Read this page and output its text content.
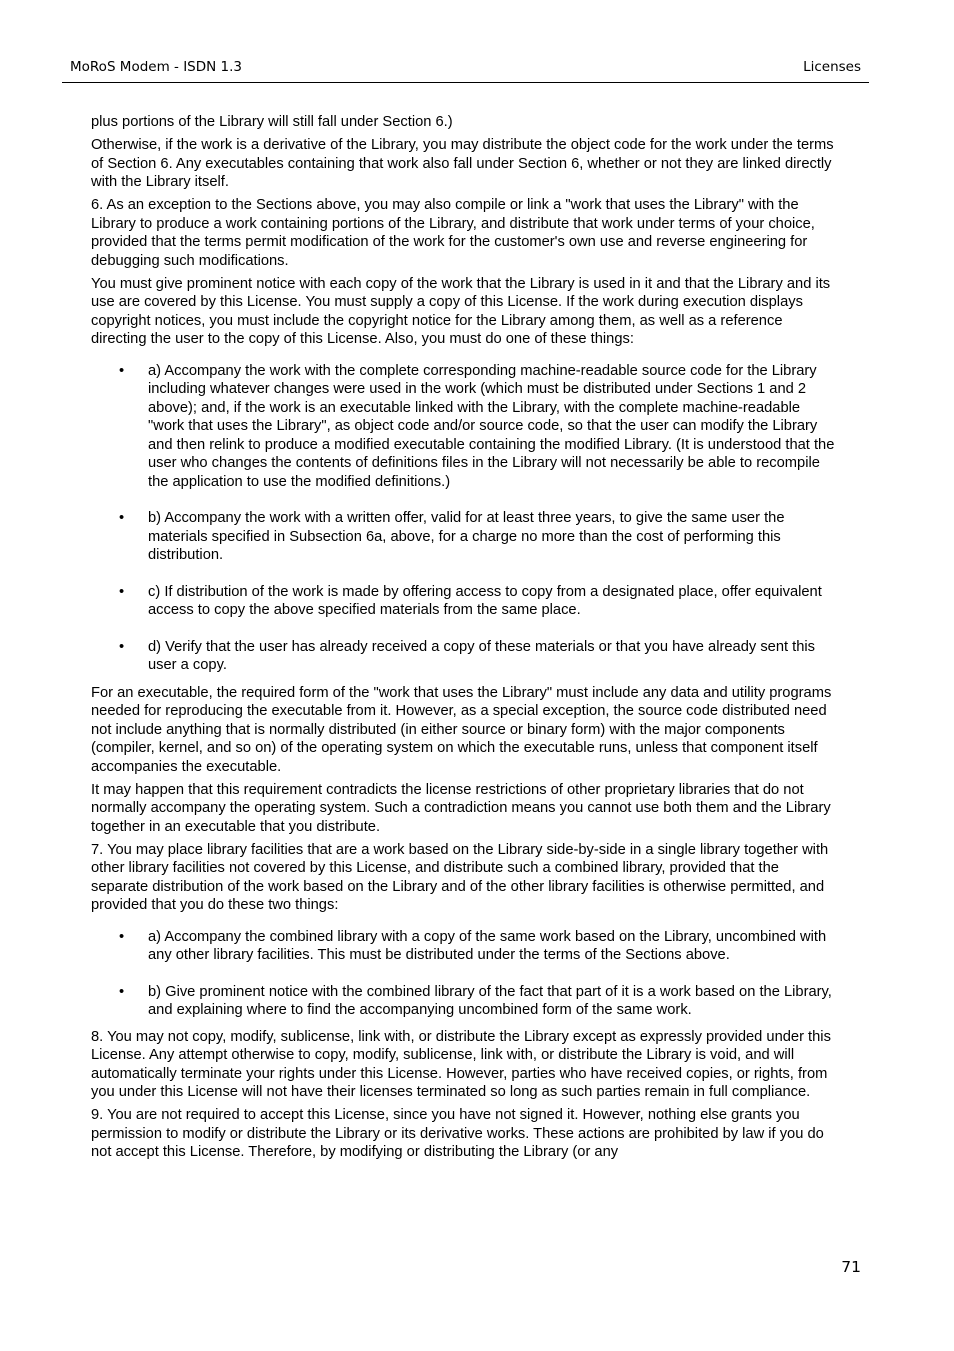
MoRoS Modem - ISDN 1.3	Licenses

plus portions of the Library will still fall under Section 6.)

Otherwise, if the work is a derivative of the Library, you may distribute the object code for the work under the terms of Section 6. Any executables containing that work also fall under Section 6, whether or not they are linked directly with the Library itself.

6. As an exception to the Sections above, you may also compile or link a "work that uses the Library" with the Library to produce a work containing portions of the Library, and distribute that work under terms of your choice, provided that the terms permit modification of the work for the customer's own use and reverse engineering for debugging such modifications.

You must give prominent notice with each copy of the work that the Library is used in it and that the Library and its use are covered by this License. You must supply a copy of this License. If the work during execution displays copyright notices, you must include the copyright notice for the Library among them, as well as a reference directing the user to the copy of this License. Also, you must do one of these things:

• a) Accompany the work with the complete corresponding machine-readable source code for the Library including whatever changes were used in the work (which must be distributed under Sections 1 and 2 above); and, if the work is an executable linked with the Library, with the complete machine-readable "work that uses the Library", as object code and/or source code, so that the user can modify the Library and then relink to produce a modified executable containing the modified Library. (It is understood that the user who changes the contents of definitions files in the Library will not necessarily be able to recompile the application to use the modified definitions.)
• b) Accompany the work with a written offer, valid for at least three years, to give the same user the materials specified in Subsection 6a, above, for a charge no more than the cost of performing this distribution.
• c) If distribution of the work is made by offering access to copy from a designated place, offer equivalent access to copy the above specified materials from the same place.
• d) Verify that the user has already received a copy of these materials or that you have already sent this user a copy.

For an executable, the required form of the "work that uses the Library" must include any data and utility programs needed for reproducing the executable from it. However, as a special exception, the source code distributed need not include anything that is normally distributed (in either source or binary form) with the major components (compiler, kernel, and so on) of the operating system on which the executable runs, unless that component itself accompanies the executable.

It may happen that this requirement contradicts the license restrictions of other proprietary libraries that do not normally accompany the operating system. Such a contradiction means you cannot use both them and the Library together in an executable that you distribute.

7. You may place library facilities that are a work based on the Library side-by-side in a single library together with other library facilities not covered by this License, and distribute such a combined library, provided that the separate distribution of the work based on the Library and of the other library facilities is otherwise permitted, and provided that you do these two things:

• a) Accompany the combined library with a copy of the same work based on the Library, uncombined with any other library facilities. This must be distributed under the terms of the Sections above.
• b) Give prominent notice with the combined library of the fact that part of it is a work based on the Library, and explaining where to find the accompanying uncombined form of the same work.

8. You may not copy, modify, sublicense, link with, or distribute the Library except as expressly provided under this License. Any attempt otherwise to copy, modify, sublicense, link with, or distribute the Library is void, and will automatically terminate your rights under this License. However, parties who have received copies, or rights, from you under this License will not have their licenses terminated so long as such parties remain in full compliance.

9. You are not required to accept this License, since you have not signed it. However, nothing else grants you permission to modify or distribute the Library or its derivative works. These actions are prohibited by law if you do not accept this License. Therefore, by modifying or distributing the Library (or any

71
